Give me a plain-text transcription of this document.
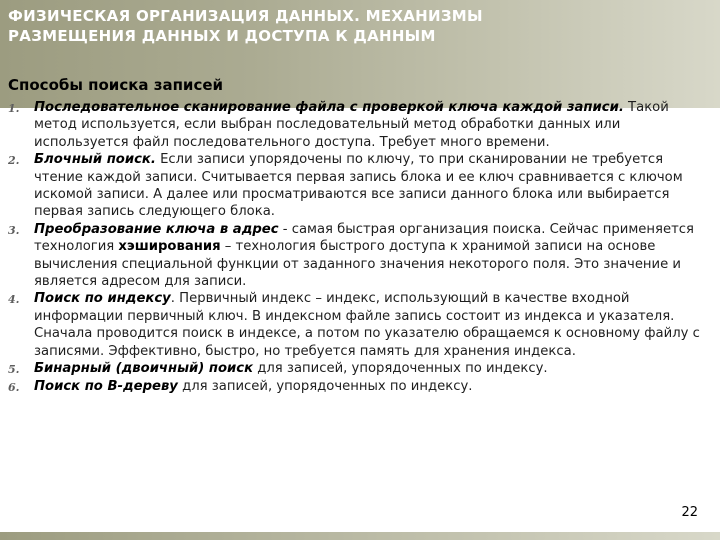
ФИЗИЧЕСКАЯ ОРГАНИЗАЦИЯ ДАННЫХ. МЕХАНИЗМЫ
РАЗМЕЩЕНИЯ ДАННЫХ И ДОСТУПА К ДАННЫМ
Способы поиска записей
1. Последовательное сканирование файла с проверкой ключа каждой записи. Такой метод используется, если выбран последовательный метод обработки данных или используется файл последовательного доступа. Требует много времени.
2. Блочный поиск. Если записи упорядочены по ключу, то при сканировании не требуется чтение каждой записи. Считывается первая запись блока и ее ключ сравнивается с ключом искомой записи. А далее или просматриваются все записи данного блока или выбирается первая запись следующего блока.
3. Преобразование ключа в адрес - самая быстрая организация поиска. Сейчас применяется технология хэширования – технология быстрого доступа к хранимой записи на основе вычисления специальной функции от заданного значения некоторого поля. Это значение и является адресом для записи.
4. Поиск по индексу. Первичный индекс – индекс, использующий в качестве входной информации первичный ключ. В индексном файле запись состоит из индекса и указателя. Сначала проводится поиск в индексе, а потом по указателю обращаемся к основному файлу с записями. Эффективно, быстро, но требуется память для хранения индекса.
5. Бинарный (двоичный) поиск для записей, упорядоченных по индексу.
6. Поиск по В-дереву для записей, упорядоченных по индексу.
22
